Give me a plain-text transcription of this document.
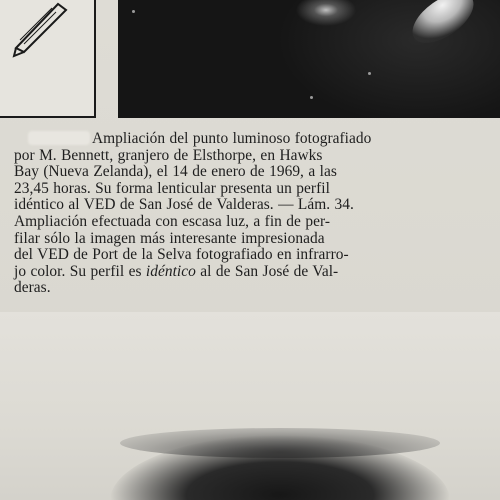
Ampliación del punto luminoso fotografiado
por M. Bennett, granjero de Elsthorpe, en Hawks
Bay (Nueva Zelanda), el 14 de enero de 1969, a las
23,45 horas. Su forma lenticular presenta un perfil
idéntico al VED de San José de Valderas. — Lám. 34.
Ampliación efectuada con escasa luz, a fin de per-
filar sólo la imagen más interesante impresionada
del VED de Port de la Selva fotografiado en infrarro-
jo color. Su perfil es idéntico al de San José de Val-
deras.
